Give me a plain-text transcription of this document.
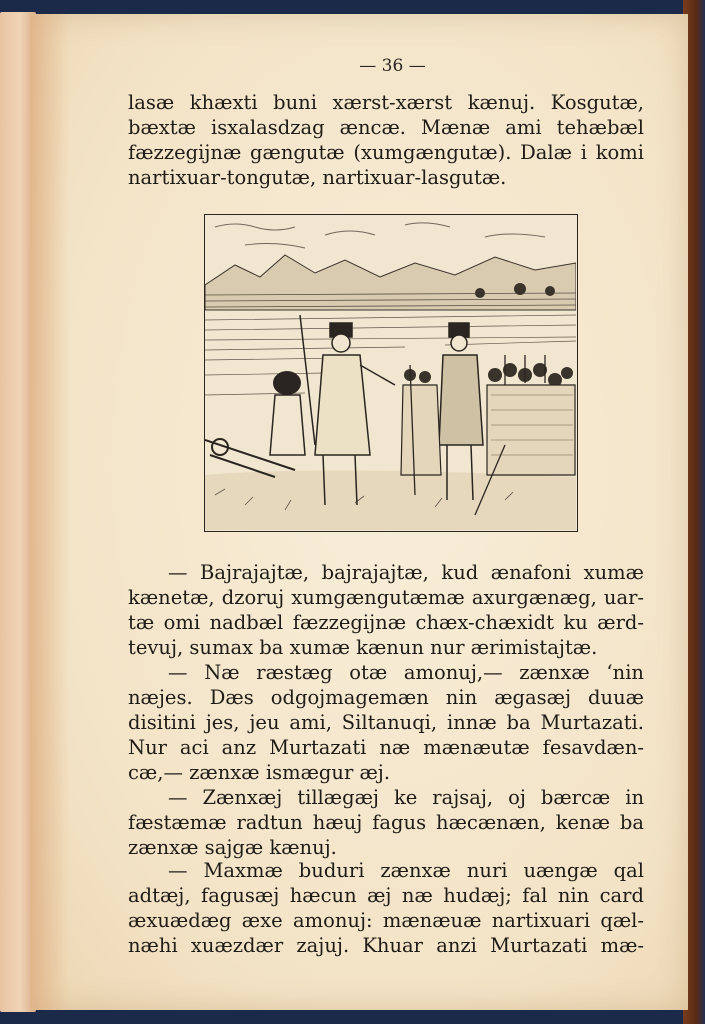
— 36 —
lasæ khæxti buni xærst-xærst kænuj. Kosgutæ,
bæxtæ isxalasdzag æncæ. Mænæ ami tehæbæl
fæzzegijnæ gængutæ (xumgængutæ). Dalæ i komi
nartixuar-tongutæ, nartixuar-lasgutæ.
— Bajrajajtæ, bajrajajtæ, kud ænafoni xumæ
kænetæ, dzoruj xumgængutæmæ axurgænæg, uar-
tæ omi nadbæl fæzzegijnæ chæx-chæxidt ku ærd-
tevuj, sumax ba xumæ kænun nur ærimistajtæ.
— Næ ræstæg otæ amonuj,— zænxæ ʻnin
næjes. Dæs odgojmagemæn nin ægasæj duuæ
disitini jes, jeu ami, Siltanuqi, innæ ba Murtazati.
Nur aci anz Murtazati næ mænæutæ fesavdæn-
cæ,— zænxæ ismægur æj.
— Zænxæj tillægæj ke rajsaj, oj bærcæ in
fæstæmæ radtun hæuj fagus hæcænæn, kenæ ba
zænxæ sajgæ kænuj.
— Maxmæ buduri zænxæ nuri uængæ qal
adtæj, fagusæj hæcun æj næ hudæj; fal nin card
æxuædæg æxe amonuj: mænæuæ nartixuari qæl-
næhi xuæzdær zajuj. Khuar anzi Murtazati mæ-
